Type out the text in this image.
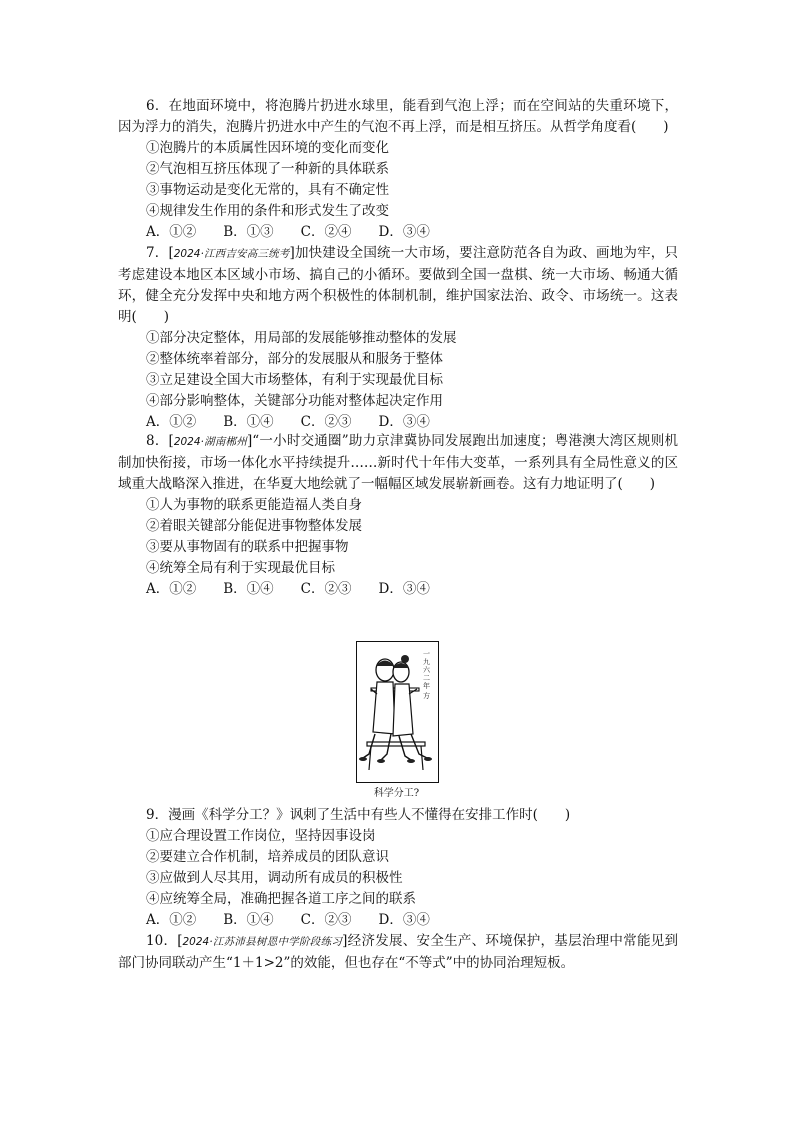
6．在地面环境中，将泡腾片扔进水球里，能看到气泡上浮；而在空间站的失重环境下，因为浮力的消失，泡腾片扔进水中产生的气泡不再上浮，而是相互挤压。从哲学角度看(　　)

①泡腾片的本质属性因环境的变化而变化

②气泡相互挤压体现了一种新的具体联系

③事物运动是变化无常的，具有不确定性

④规律发生作用的条件和形式发生了改变

A．①②　　B．①③　　C．②④　　D．③④

7．[2024·江西吉安高三统考]加快建设全国统一大市场，要注意防范各自为政、画地为牢，只考虑建设本地区本区域小市场、搞自己的小循环。要做到全国一盘棋、统一大市场、畅通大循环，健全充分发挥中央和地方两个积极性的体制机制，维护国家法治、政令、市场统一。这表明(　　)

①部分决定整体，用局部的发展能够推动整体的发展

②整体统率着部分，部分的发展服从和服务于整体

③立足建设全国大市场整体，有利于实现最优目标

④部分影响整体，关键部分功能对整体起决定作用

A．①②　　B．①④　　C．②③　　D．③④

8．[2024·湖南郴州]“一小时交通圈”助力京津冀协同发展跑出加速度；粤港澳大湾区规则机制加快衔接，市场一体化水平持续提升……新时代十年伟大变革，一系列具有全局性意义的区域重大战略深入推进，在华夏大地绘就了一幅幅区域发展崭新画卷。这有力地证明了(　　)

①人为事物的联系更能造福人类自身

②着眼关键部分能促进事物整体发展

③要从事物固有的联系中把握事物

④统筹全局有利于实现最优目标

A．①②　　B．①④　　C．②③　　D．③④

一
九
六
二
年
方
科学分工?

9．漫画《科学分工？》讽刺了生活中有些人不懂得在安排工作时(　　)

①应合理设置工作岗位，坚持因事设岗

②要建立合作机制，培养成员的团队意识

③应做到人尽其用，调动所有成员的积极性

④应统筹全局，准确把握各道工序之间的联系

A．①②　　B．①④　　C．②③　　D．③④

10．[2024·江苏沛县树恩中学阶段练习]经济发展、安全生产、环境保护，基层治理中常能见到部门协同联动产生“1＋1>2”的效能，但也存在“不等式”中的协同治理短板。
